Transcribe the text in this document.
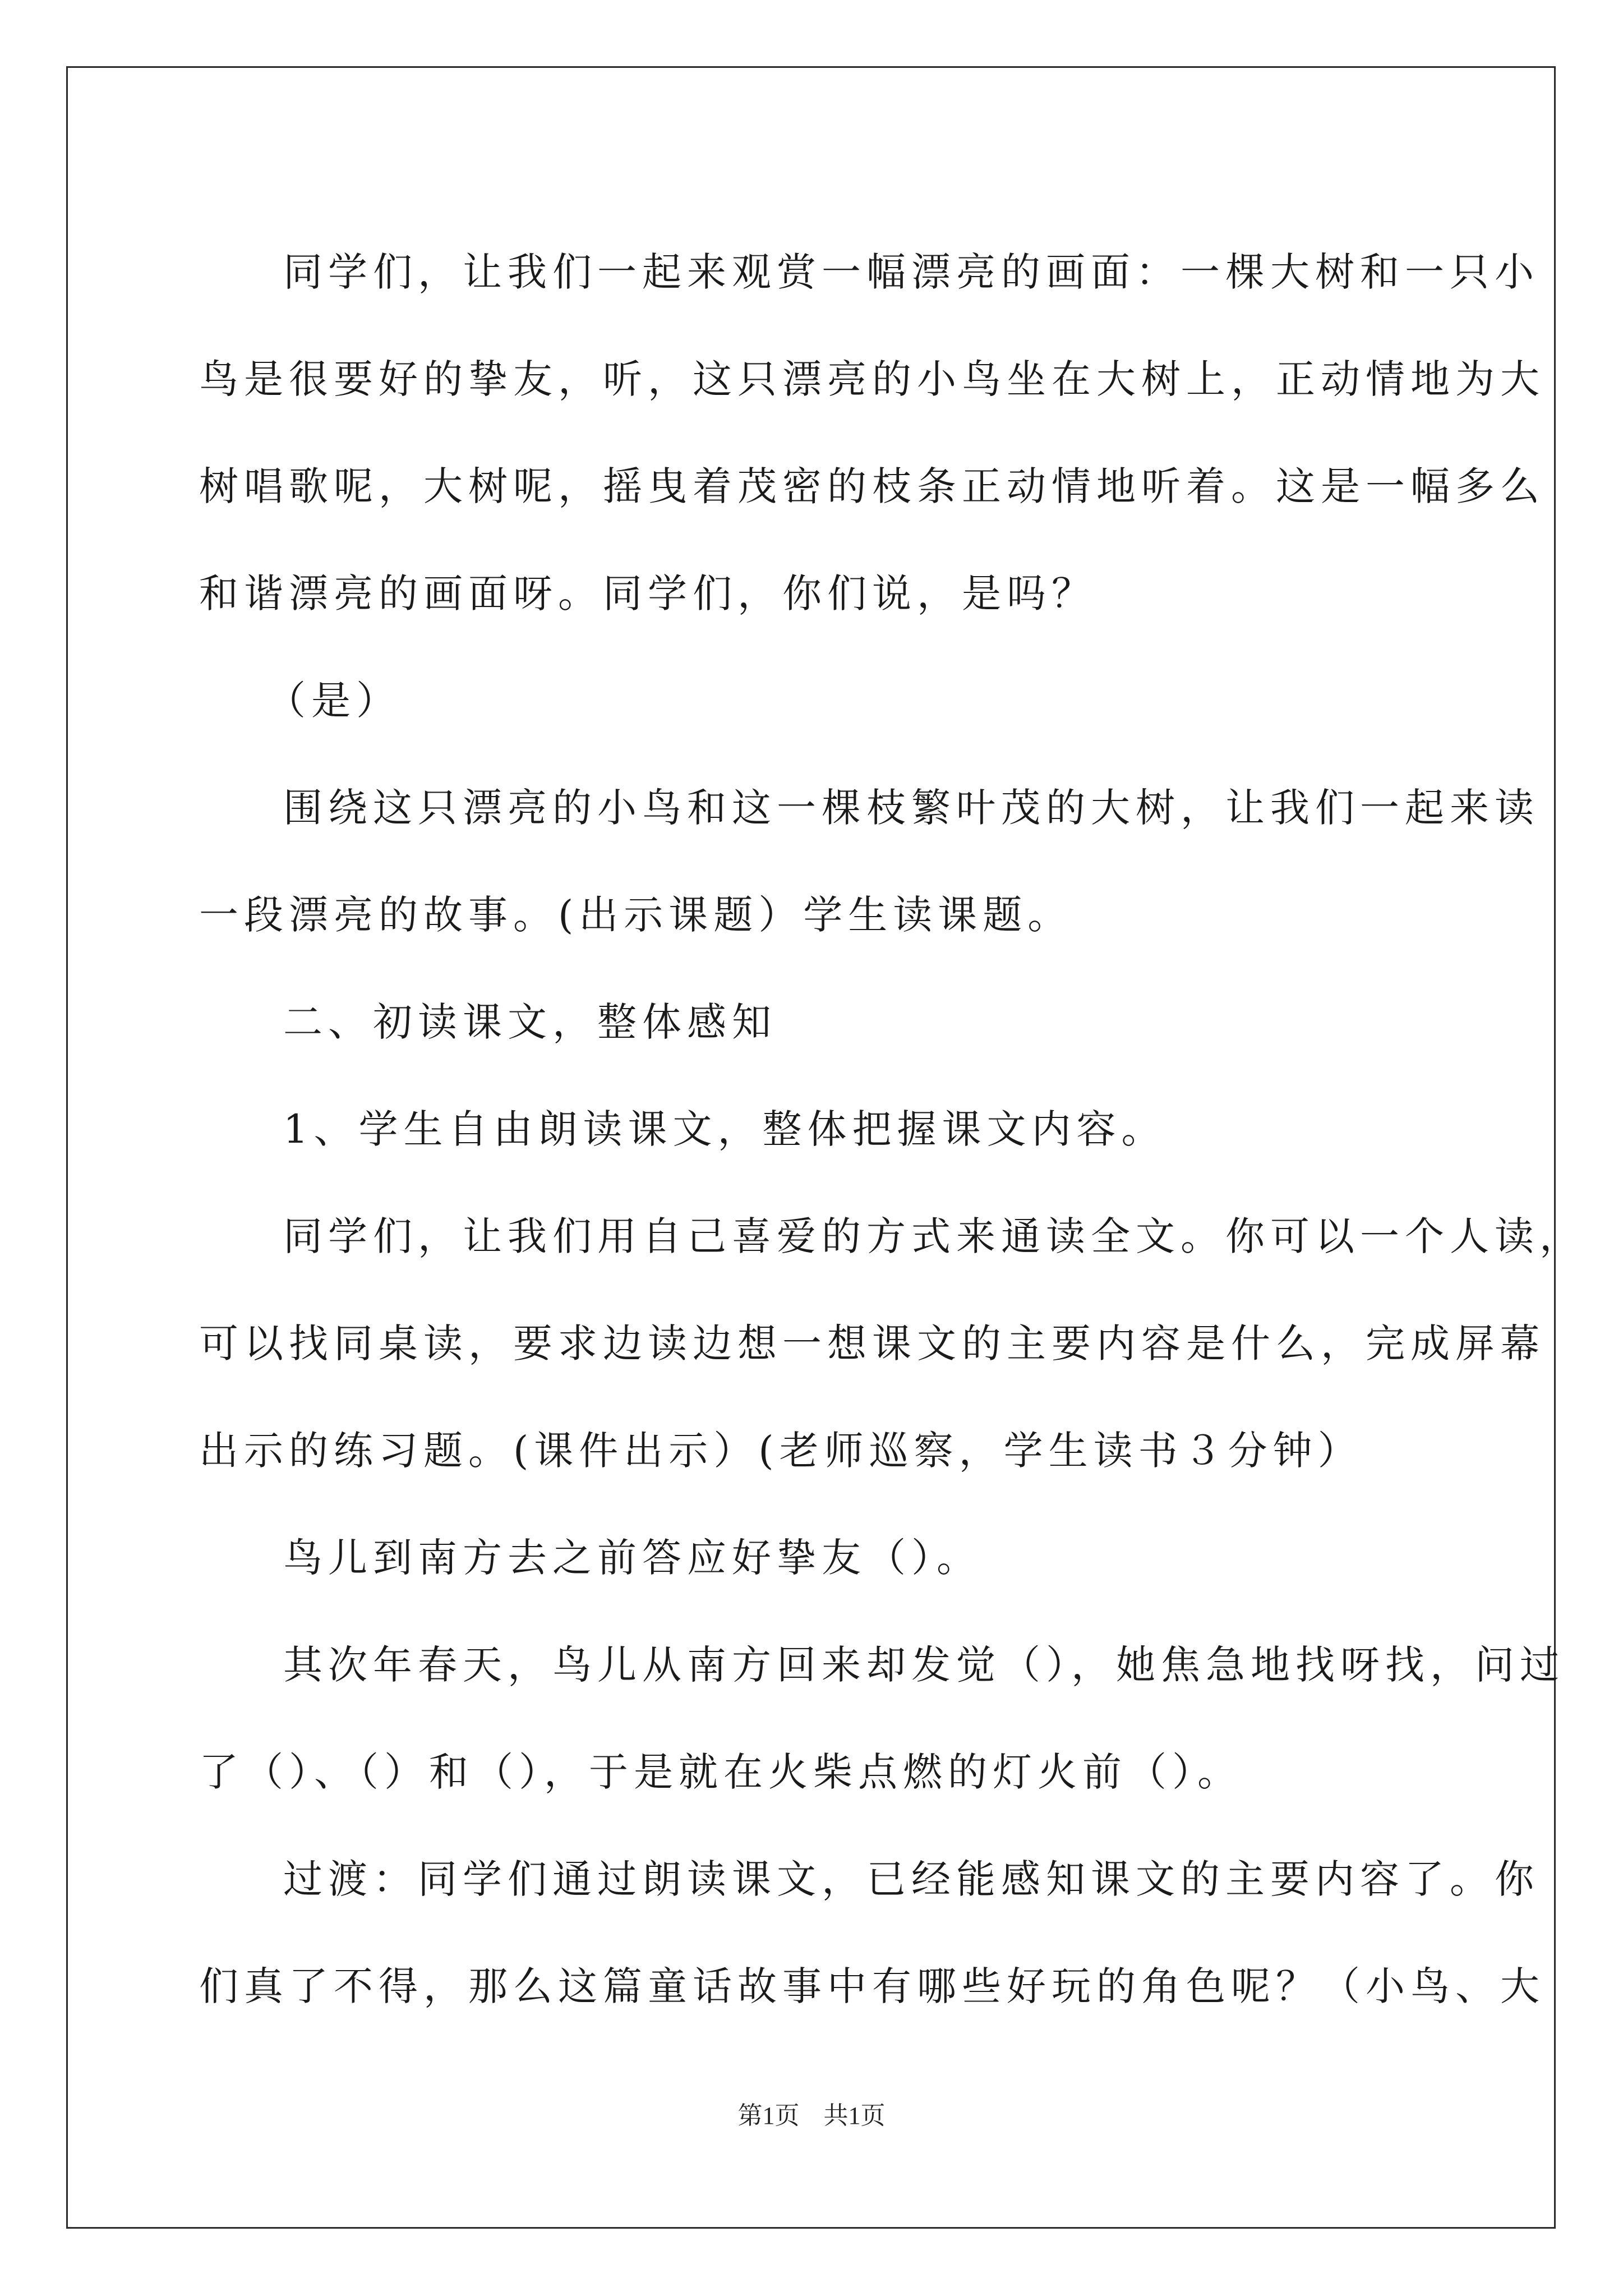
同学们，让我们一起来观赏一幅漂亮的画面：一棵大树和一只小
鸟是很要好的挚友，听，这只漂亮的小鸟坐在大树上，正动情地为大
树唱歌呢，大树呢，摇曳着茂密的枝条正动情地听着。这是一幅多么
和谐漂亮的画面呀。同学们，你们说，是吗？

（是）

围绕这只漂亮的小鸟和这一棵枝繁叶茂的大树，让我们一起来读
一段漂亮的故事。(出示课题）学生读课题。

二、初读课文，整体感知

1、学生自由朗读课文，整体把握课文内容。

同学们，让我们用自己喜爱的方式来通读全文。你可以一个人读，
可以找同桌读，要求边读边想一想课文的主要内容是什么，完成屏幕
出示的练习题。(课件出示）(老师巡察，学生读书３分钟）

鸟儿到南方去之前答应好挚友（）。

其次年春天，鸟儿从南方回来却发觉（），她焦急地找呀找，问过
了（）、（）和（），于是就在火柴点燃的灯火前（）。

过渡：同学们通过朗读课文，已经能感知课文的主要内容了。你
们真了不得，那么这篇童话故事中有哪些好玩的角色呢？（小鸟、大

第1页 共1页
